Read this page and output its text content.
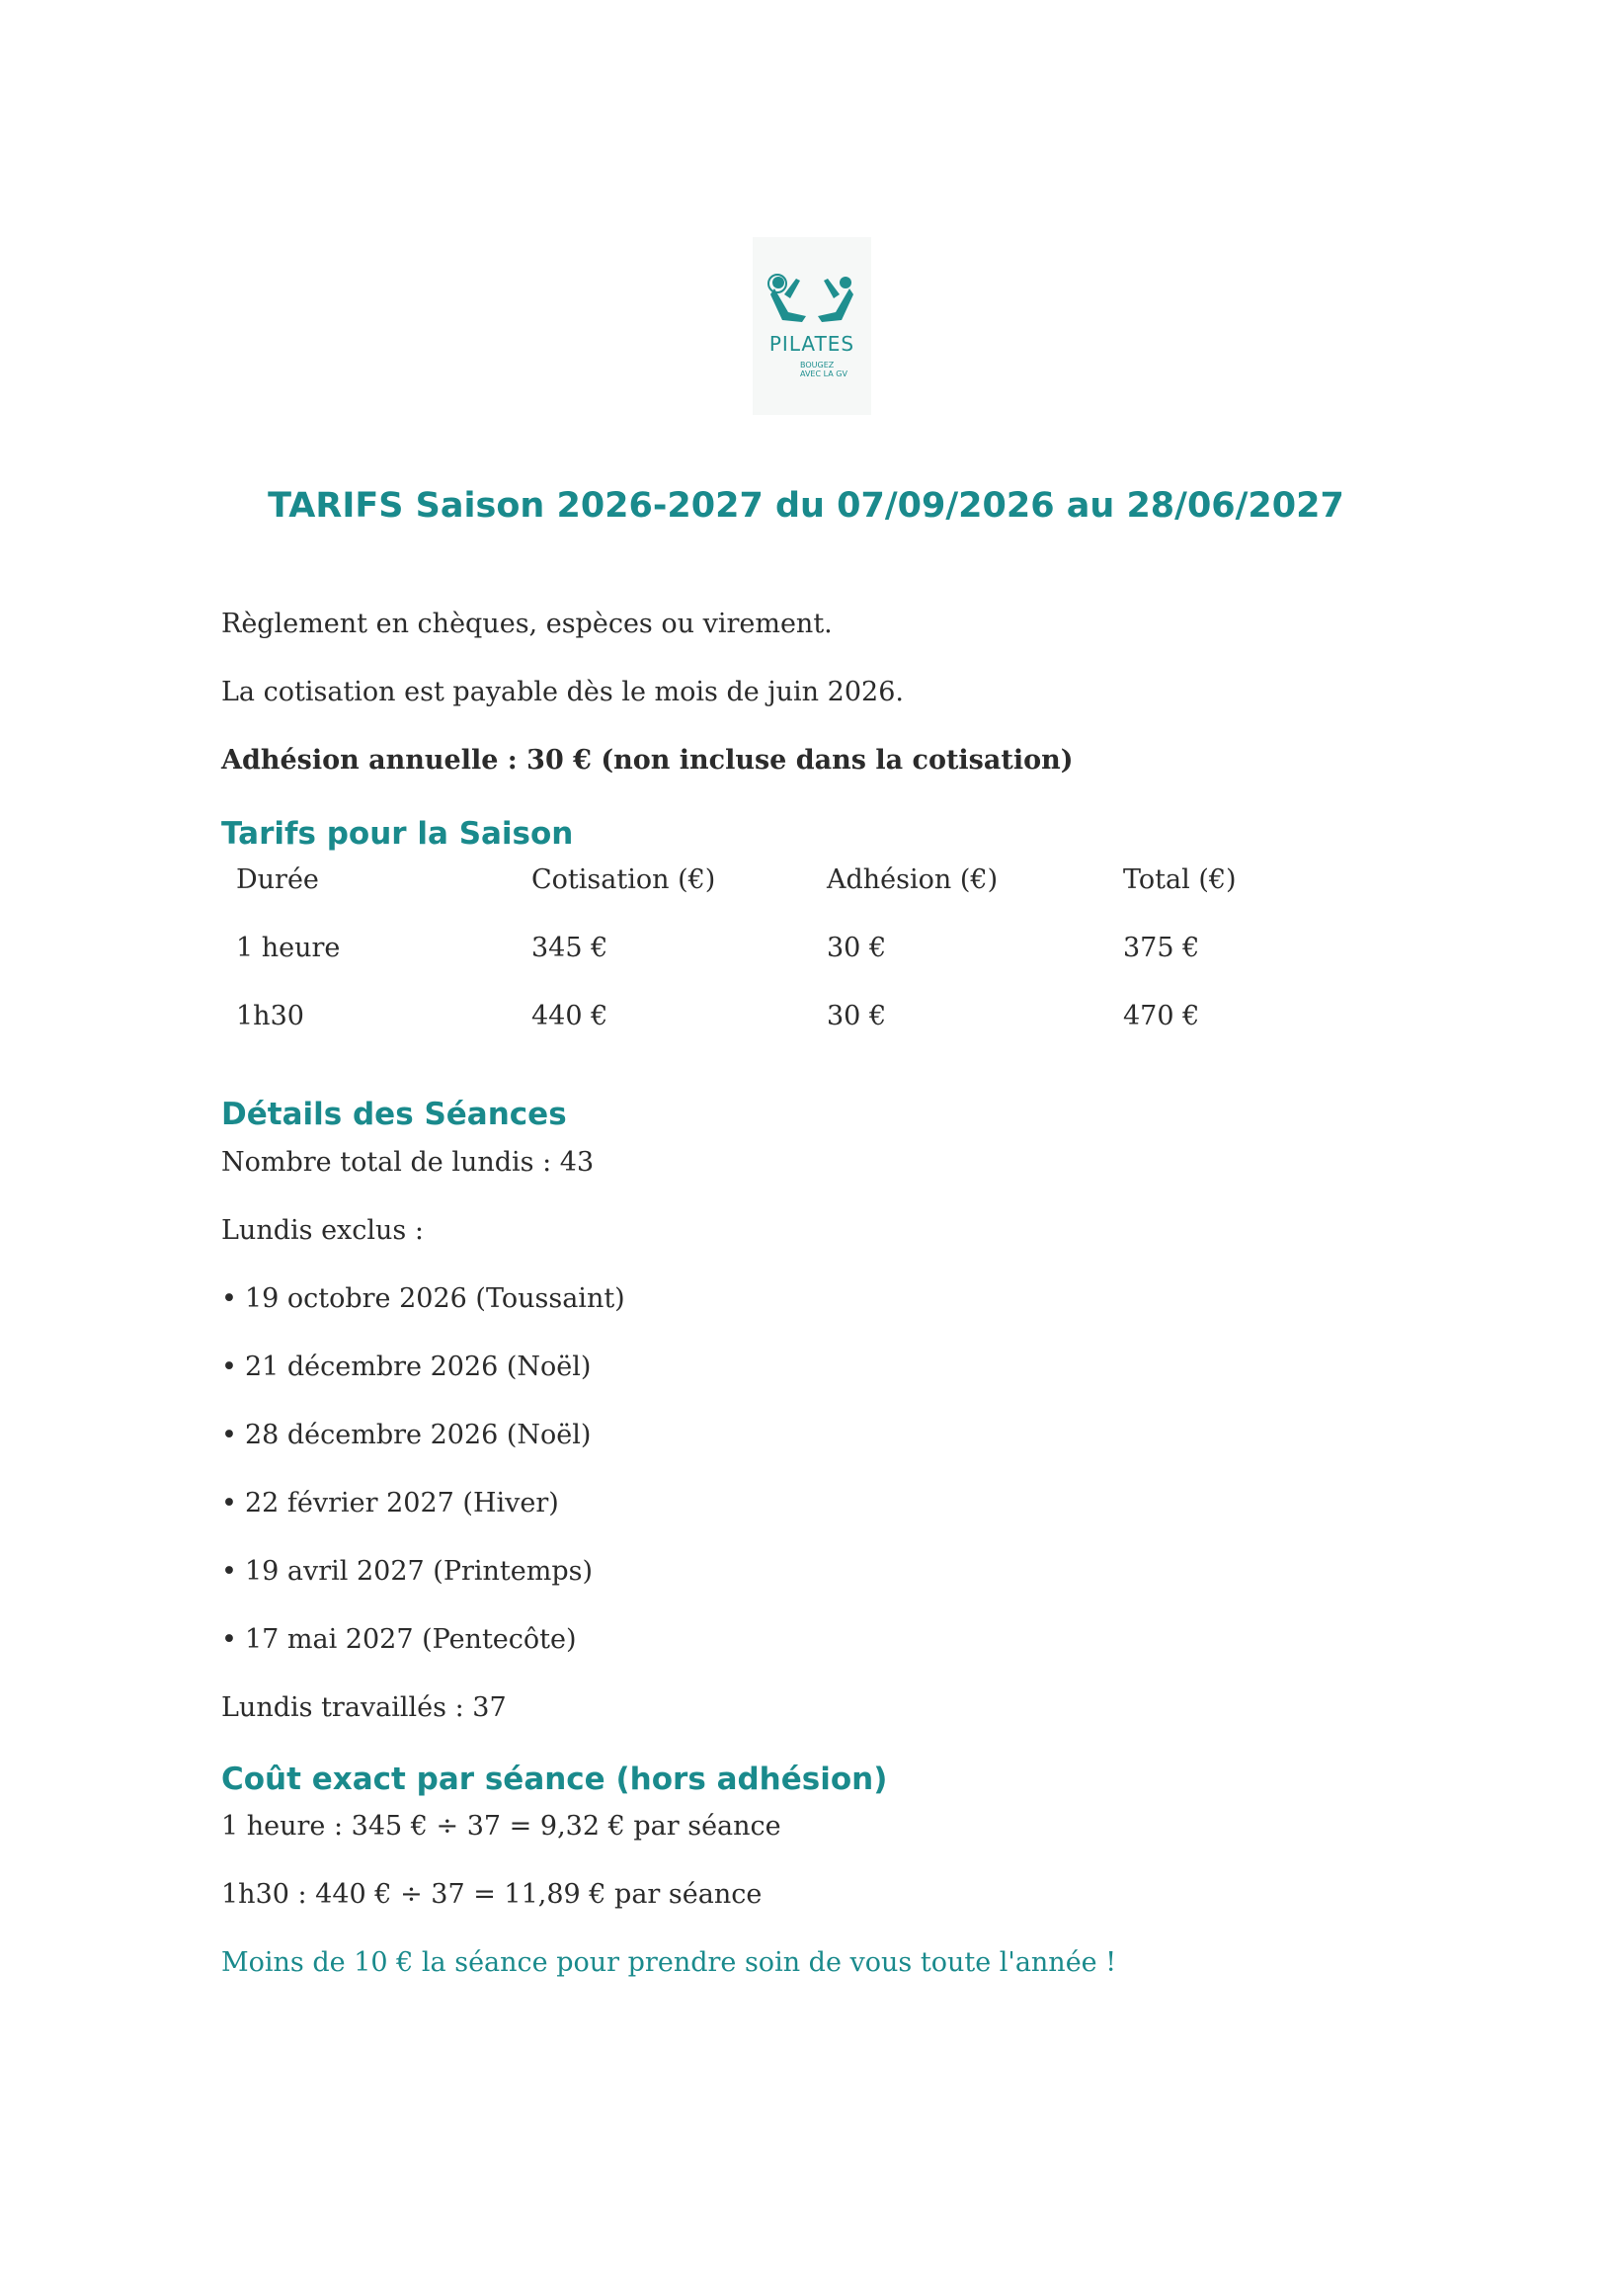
PILATES
BOUGEZ
AVEC LA GV
TARIFS Saison 2026-2027 du 07/09/2026 au 28/06/2027
Règlement en chèques, espèces ou virement.
La cotisation est payable dès le mois de juin 2026.
Adhésion annuelle : 30 € (non incluse dans la cotisation)
Tarifs pour la Saison
Durée	Cotisation (€)	Adhésion (€)	Total (€)
1 heure	345 €	30 €	375 €
1h30	440 €	30 €	470 €
Détails des Séances
Nombre total de lundis : 43
Lundis exclus :
• 19 octobre 2026 (Toussaint)
• 21 décembre 2026 (Noël)
• 28 décembre 2026 (Noël)
• 22 février 2027 (Hiver)
• 19 avril 2027 (Printemps)
• 17 mai 2027 (Pentecôte)
Lundis travaillés : 37
Coût exact par séance (hors adhésion)
1 heure : 345 € ÷ 37 = 9,32 € par séance
1h30 : 440 € ÷ 37 = 11,89 € par séance
Moins de 10 € la séance pour prendre soin de vous toute l'année !
